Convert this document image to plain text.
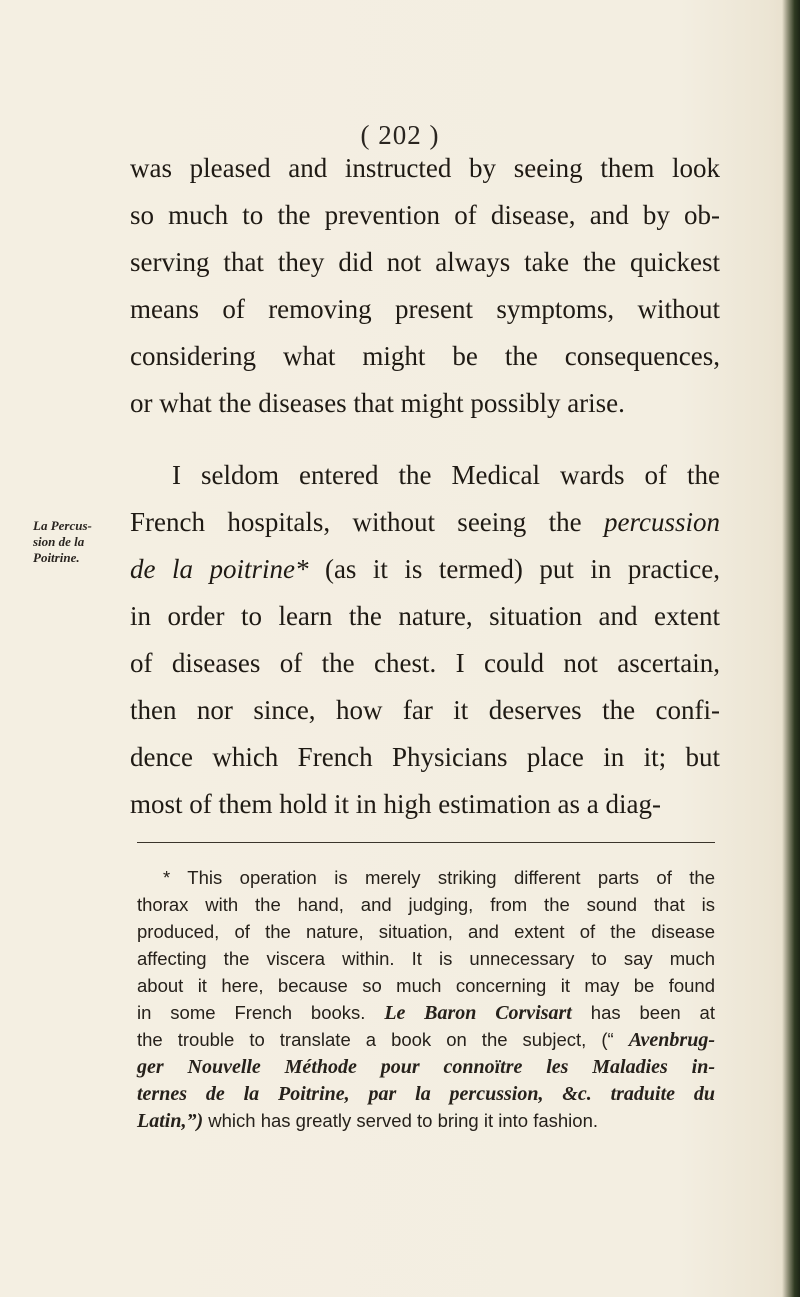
( 202 )
was pleased and instructed by seeing them look
so much to the prevention of disease, and by ob-
serving that they did not always take the quickest
means of removing present symptoms, without
considering what might be the consequences,
or what the diseases that might possibly arise.
La Percus-
sion de la
Poitrine.
I seldom entered the Medical wards of the
French hospitals, without seeing the percussion
de la poitrine* (as it is termed) put in practice,
in order to learn the nature, situation and extent
of diseases of the chest. I could not ascertain,
then nor since, how far it deserves the confi-
dence which French Physicians place in it; but
most of them hold it in high estimation as a diag-
* This operation is merely striking different parts of the
thorax with the hand, and judging, from the sound that is
produced, of the nature, situation, and extent of the disease
affecting the viscera within. It is unnecessary to say much
about it here, because so much concerning it may be found
in some French books. Le Baron Corvisart has been at
the trouble to translate a book on the subject, (“ Avenbrug-
ger Nouvelle Méthode pour connoïtre les Maladies in-
ternes de la Poitrine, par la percussion, &c. traduite du
Latin,”) which has greatly served to bring it into fashion.
